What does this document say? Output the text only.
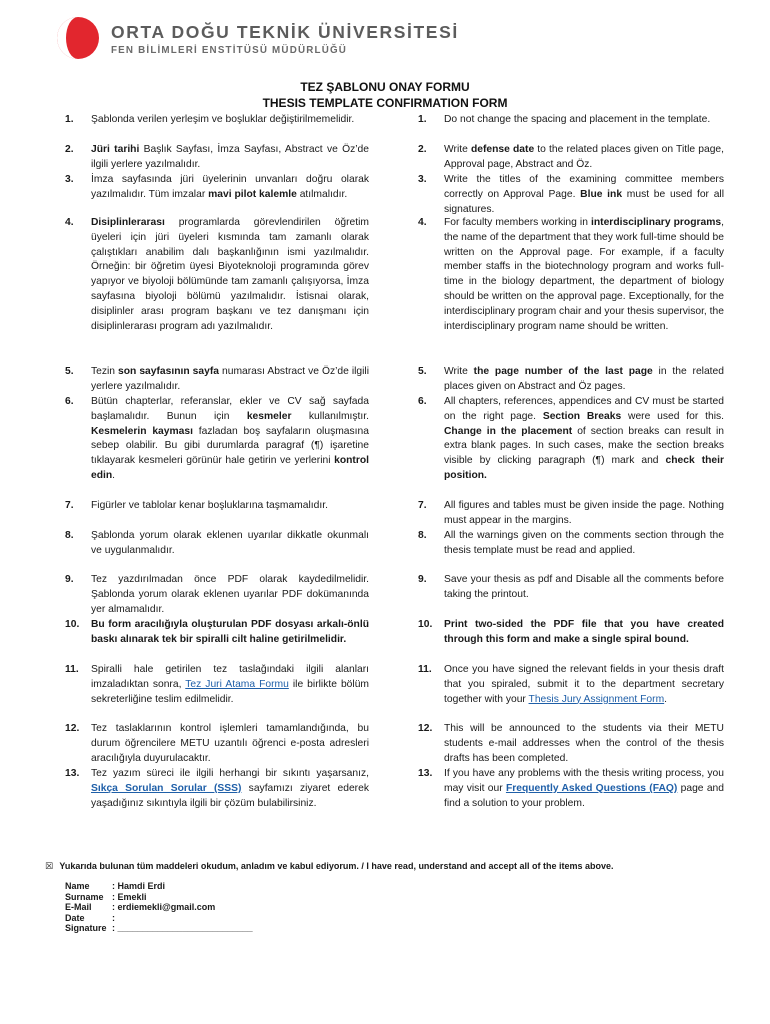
ORTA DOĞU TEKNİK ÜNİVERSİTESİ
FEN BİLİMLERİ ENSTİTÜSÜ MÜDÜRLÜĞÜ
TEZ ŞABLONU ONAY FORMU
THESIS TEMPLATE CONFIRMATION FORM
1. Şablonda verilen yerleşim ve boşluklar değiştirilmemelidir.
2. Jüri tarihi Başlık Sayfası, İmza Sayfası, Abstract ve Öz’de ilgili yerlere yazılmalıdır.
3. İmza sayfasında jüri üyelerinin unvanları doğru olarak yazılmalıdır. Tüm imzalar mavi pilot kalemle atılmalıdır.
4. Disiplinlerarası programlarda görevlendirilen öğretim üyeleri için jüri üyeleri kısmında tam zamanlı olarak çalıştıkları anabilim dalı başkanlığının ismi yazılmalıdır. Örneğin: bir öğretim üyesi Biyoteknoloji programında görev yapıyor ve biyoloji bölümünde tam zamanlı çalışıyorsa, İmza sayfasına biyoloji bölümü yazılmalıdır. İstisnai olarak, disiplinler arası program başkanı ve tez danışmanı için disiplinlerarası program adı yazılmalıdır.
5. Tezin son sayfasının sayfa numarası Abstract ve Öz’de ilgili yerlere yazılmalıdır.
6. Bütün chapterlar, referanslar, ekler ve CV sağ sayfada başlamalıdır. Bunun için kesmeler kullanılmıştır. Kesmelerin kayması fazladan boş sayfaların oluşmasına sebep olabilir. Bu gibi durumlarda paragraf (¶) işaretine tıklayarak kesmeleri görünür hale getirin ve yerlerini kontrol edin.
7. Figürler ve tablolar kenar boşluklarına taşmamalıdır.
8. Şablonda yorum olarak eklenen uyarılar dikkatle okunmalı ve uygulanmalıdır.
9. Tez yazdırılmadan önce PDF olarak kaydedilmelidir. Şablonda yorum olarak eklenen uyarılar PDF dokümanında yer almamalıdır.
10. Bu form aracılığıyla oluşturulan PDF dosyası arkalı-önlü baskı alınarak tek bir spiralli cilt haline getirilmelidir.
11. Spiralli hale getirilen tez taslağındaki ilgili alanları imzaladıktan sonra, Tez Juri Atama Formu ile birlikte bölüm sekreterliğine teslim edilmelidir.
12. Tez taslaklarının kontrol işlemleri tamamlandığında, bu durum öğrencilere METU uzantılı öğrenci e-posta adresleri aracılığıyla duyurulacaktır.
13. Tez yazım süreci ile ilgili herhangi bir sıkıntı yaşarsanız, Sıkça Sorulan Sorular (SSS) sayfamızı ziyaret ederek yaşadığınız sıkıntıyla ilgili bir çözüm bulabilirsiniz.
1. Do not change the spacing and placement in the template.
2. Write defense date to the related places given on Title page, Approval page, Abstract and Öz.
3. Write the titles of the examining committee members correctly on Approval Page. Blue ink must be used for all signatures.
4. For faculty members working in interdisciplinary programs, the name of the department that they work full-time should be written on the Approval page. For example, if a faculty member staffs in the biotechnology program and works full-time in the biology department, the department of biology should be written on the approval page. Exceptionally, for the interdisciplinary program chair and your thesis supervisor, the interdisciplinary program name should be written.
5. Write the page number of the last page in the related places given on Abstract and Öz pages.
6. All chapters, references, appendices and CV must be started on the right page. Section Breaks were used for this. Change in the placement of section breaks can result in extra blank pages. In such cases, make the section breaks visible by clicking paragraph (¶) mark and check their position.
7. All figures and tables must be given inside the page. Nothing must appear in the margins.
8. All the warnings given on the comments section through the thesis template must be read and applied.
9. Save your thesis as pdf and Disable all the comments before taking the printout.
10. Print two-sided the PDF file that you have created through this form and make a single spiral bound.
11. Once you have signed the relevant fields in your thesis draft that you spiraled, submit it to the department secretary together with your Thesis Jury Assignment Form.
12. This will be announced to the students via their METU students e-mail addresses when the control of the thesis drafts has been completed.
13. If you have any problems with the thesis writing process, you may visit our Frequently Asked Questions (FAQ) page and find a solution to your problem.
☒ Yukarıda bulunan tüm maddeleri okudum, anladım ve kabul ediyorum. / I have read, understand and accept all of the items above.
Name : Hamdi Erdi
Surname : Emekli
E-Mail : erdiemekli@gmail.com
Date	:
Signature : ___________________________
